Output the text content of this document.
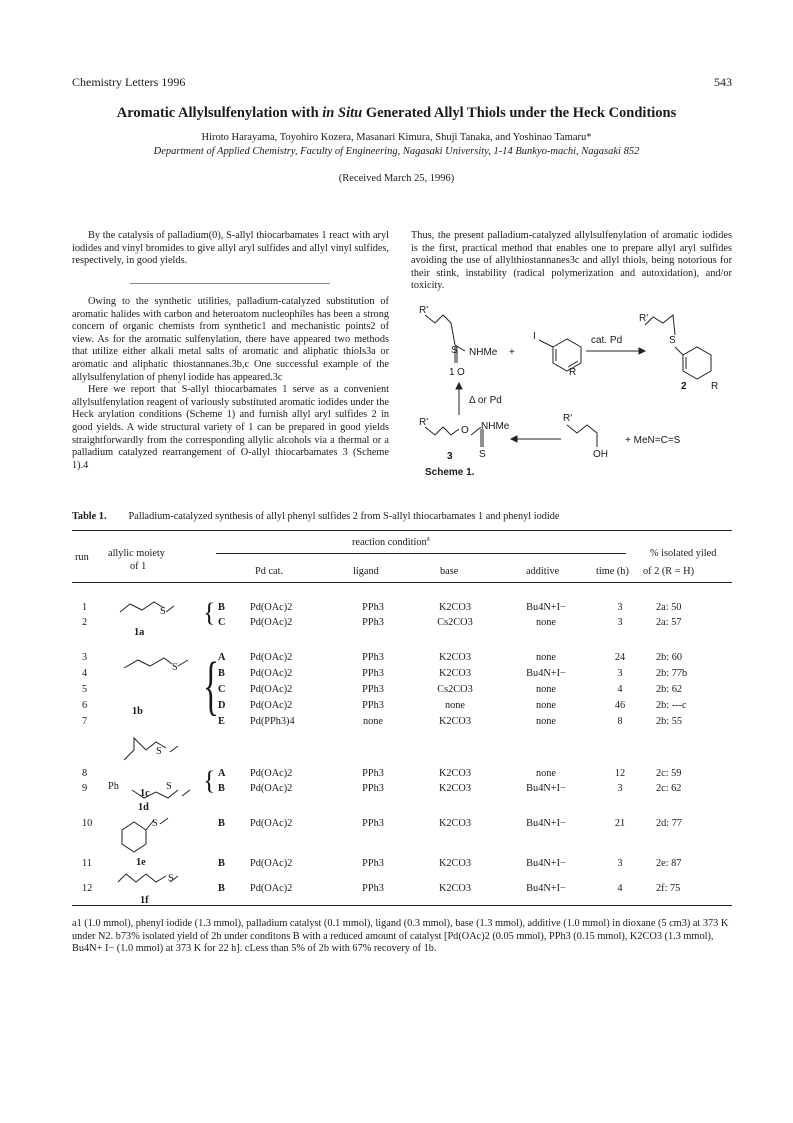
Chemistry Letters 1996	543
Aromatic Allylsulfenylation with in Situ Generated Allyl Thiols under the Heck Conditions
Hiroto Harayama, Toyohiro Kozera, Masanari Kimura, Shuji Tanaka, and Yoshinao Tamaru*
Department of Applied Chemistry, Faculty of Engineering, Nagasaki University, 1-14 Bunkyo-machi, Nagasaki 852
(Received March 25, 1996)

By the catalysis of palladium(0), S-allyl thiocarbamates 1 react with aryl iodides and vinyl bromides to give allyl aryl sulfides and allyl vinyl sulfides, respectively, in good yields.

Owing to the synthetic utilities, palladium-catalyzed substitution of aromatic halides with carbon and heteroatom nucleophiles has been a strong concern of organic chemists from synthetic1 and mechanistic points2 of view. As for the aromatic sulfenylation, there have appeared two methods that utilize either alkali metal salts of aromatic and aliphatic thiols3a or aromatic and aliphatic thiostannanes.3b,c One successful example of the allylsulfenylation of phenyl iodide has appeared.3c

Here we report that S-allyl thiocarbamates 1 serve as a convenient allylsulfenylation reagent of variously substituted aromatic iodides under the Heck arylation conditions (Scheme 1) and furnish allyl aryl sulfides 2 in good yields. A wide structural variety of 1 can be prepared in good yields straightforwardly from the corresponding allylic alcohols via a thermal or a palladium catalyzed rearrangement of O-allyl thiocarbamates 3 (Scheme 1).4

Thus, the present palladium-catalyzed allylsulfenylation of aromatic iodides is the first, practical method that enables one to prepare allyl aryl sulfides avoiding the use of allylthiostannanes3c and allyl thiols, being notorious for their stink, instability (radical polymerization and autoxidation), and/or toxicity.

R'
S NHMe +
1 O
I
R
cat. Pd
R'
S
2 R
Δ or Pd
R'
O NHMe
3	S
R'
OH
+ MeN=C=S
Scheme 1.
Table 1. Palladium-catalyzed synthesis of allyl phenyl sulfides 2 from S-allyl thiocarbamates 1 and phenyl iodide
run allylic moiety
of 1
reaction condition$^a$
Pd cat.	ligand	base	additive	time (h)
% isolated yiled
of 2 (R = H)
1	B	Pd(OAc)2	PPh3	K2CO3	Bu4N+I−	3	2a: 50
2	C	Pd(OAc)2	PPh3	Cs2CO3	none	3	2a: 57
3	A	Pd(OAc)2	PPh3	K2CO3	none	24	2b: 60
4	B	Pd(OAc)2	PPh3	K2CO3	Bu4N+I−	3	2b: 77b
5	C	Pd(OAc)2	PPh3	Cs2CO3	none	4	2b: 62
6	D	Pd(OAc)2	PPh3	none	none	46	2b: ---c
7	E	Pd(PPh3)4	none	K2CO3	none	8	2b: 55
8	A	Pd(OAc)2	PPh3	K2CO3	none	12	2c: 59
9	B	Pd(OAc)2	PPh3	K2CO3	Bu4N+I−	3	2c: 62
10	B	Pd(OAc)2	PPh3	K2CO3	Bu4N+I−	21	2d: 77
11	B	Pd(OAc)2	PPh3	K2CO3	Bu4N+I−	3	2e: 87
12	B	Pd(OAc)2	PPh3	K2CO3	Bu4N+I−	4	2f: 75
S
1a
S
1b
S
1c
Ph	S
1d
S
1e
S
1f
{
{
{
a1 (1.0 mmol), phenyl iodide (1.3 mmol), palladium catalyst (0.1 mmol), ligand (0.3 mmol), base (1.3 mmol), additive (1.0 mmol) in dioxane (5 cm3) at 373 K under N2. b73% isolated yield of 2b under conditons B with a reduced amount of catalyst [Pd(OAc)2 (0.05 mmol), PPh3 (0.15 mmol), K2CO3 (1.3 mmol), Bu4N+ I− (1.0 mmol) at 373 K for 22 h]. cLess than 5% of 2b with 67% recovery of 1b.
